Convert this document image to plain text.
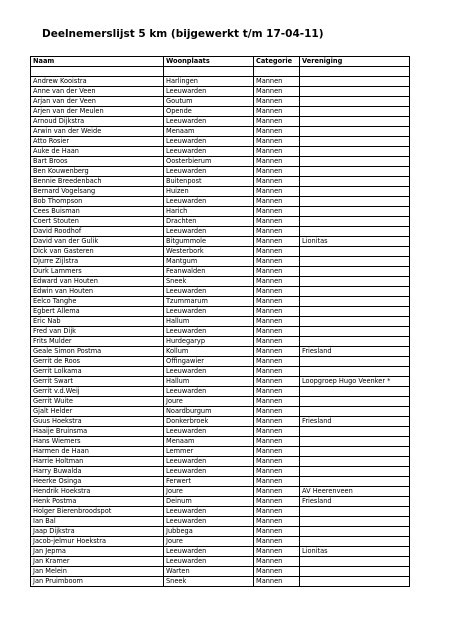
Deelnemerslijst 5 km (bijgewerkt t/m 17-04-11)
Naam	Woonplaats	Categorie	Vereniging

Andrew Kooistra	Harlingen	Mannen	
Anne van der Veen	Leeuwarden	Mannen	
Arjan van der Veen	Goutum	Mannen	
Arjen van der Meulen	Opende	Mannen	
Arnoud Dijkstra	Leeuwarden	Mannen	
Arwin van der Weide	Menaam	Mannen	
Atto Rosier	Leeuwarden	Mannen	
Auke de Haan	Leeuwarden	Mannen	
Bart Broos	Oosterbierum	Mannen	
Ben Kouwenberg	Leeuwarden	Mannen	
Bennie Breedenbach	Buitenpost	Mannen	
Bernard Vogelsang	Huizen	Mannen	
Bob Thompson	Leeuwarden	Mannen	
Cees Buisman	Harich	Mannen	
Coert Stouten	Drachten	Mannen	
David Roodhof	Leeuwarden	Mannen	
David van der Gulik	Bitgummole	Mannen	Lionitas
Dick van Gasteren	Westerbork	Mannen	
Djurre Zijlstra	Mantgum	Mannen	
Durk Lammers	Feanwalden	Mannen	
Edward van Houten	Sneek	Mannen	
Edwin van Houten	Leeuwarden	Mannen	
Eelco Tanghe	Tzummarum	Mannen	
Egbert Allema	Leeuwarden	Mannen	
Eric Nab	Hallum	Mannen	
Fred van Dijk	Leeuwarden	Mannen	
Frits Mulder	Hurdegaryp	Mannen	
Geale Simon Postma	Kollum	Mannen	Friesland
Gerrit de Roos	Offingawier	Mannen	
Gerrit Lolkama	Leeuwarden	Mannen	
Gerrit Swart	Hallum	Mannen	Loopgroep Hugo Veenker *
Gerrit v.d.Weij	Leeuwarden	Mannen	
Gerrit Wuite	Joure	Mannen	
Gjalt Helder	Noardburgum	Mannen	
Guus Hoekstra	Donkerbroek	Mannen	Friesland
Haaije Bruinsma	Leeuwarden	Mannen	
Hans Wiemers	Menaam	Mannen	
Harmen de Haan	Lemmer	Mannen	
Harrie Holtman	Leeuwarden	Mannen	
Harry Buwalda	Leeuwarden	Mannen	
Heerke Osinga	Ferwert	Mannen	
Hendrik Hoekstra	Joure	Mannen	AV Heerenveen
Henk Postma	Deinum	Mannen	Friesland
Holger Bierenbroodspot	Leeuwarden	Mannen	
Ian Bal	Leeuwarden	Mannen	
Jaap Dijkstra	Jubbega	Mannen	
Jacob-jelmur Hoekstra	Joure	Mannen	
Jan Jepma	Leeuwarden	Mannen	Lionitas
Jan Kramer	Leeuwarden	Mannen	
Jan Melein	Warten	Mannen	
Jan Pruimboom	Sneek	Mannen	
